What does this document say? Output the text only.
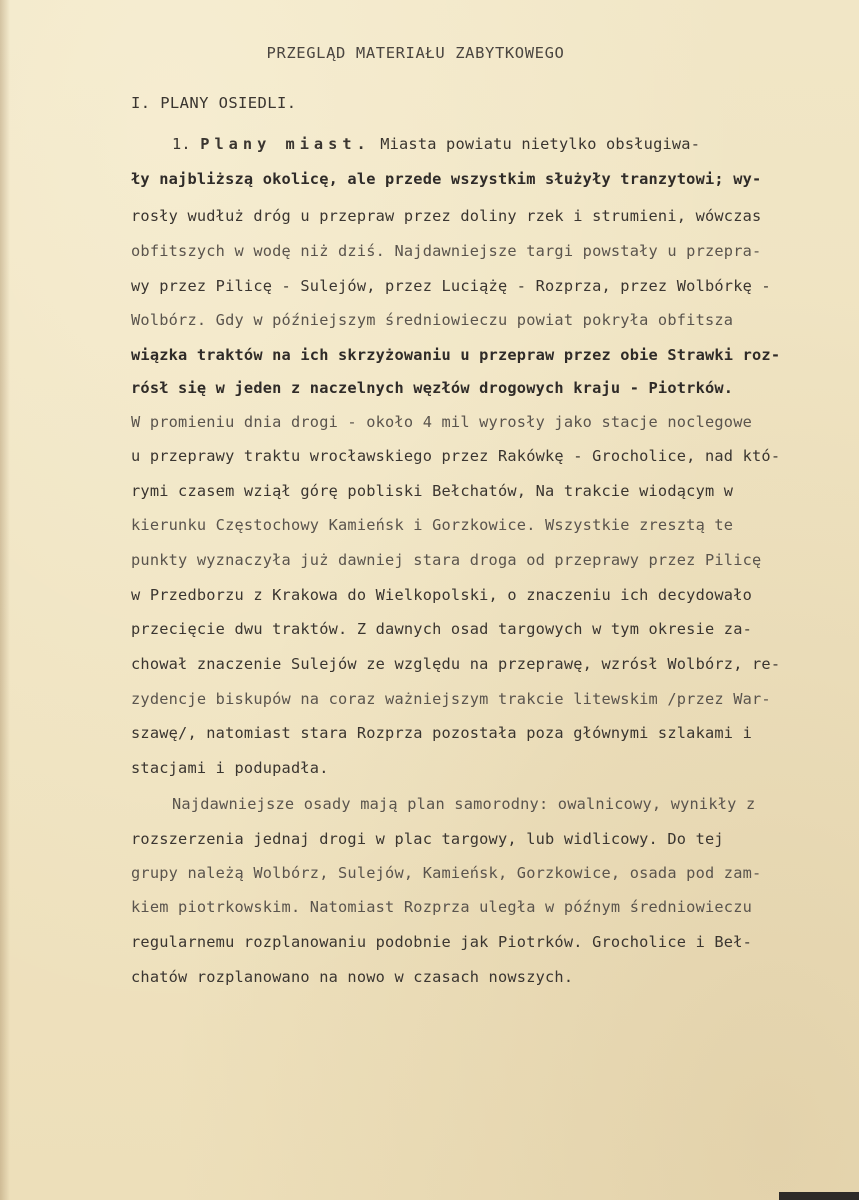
PRZEGLĄD MATERIAŁU ZABYTKOWEGO
I. PLANY OSIEDLI.
1. Plany miast. Miasta powiatu nietylko obsługiwa-
ły najbliższą okolicę, ale przede wszystkim służyły tranzytowi; wy-
rosły wudłuż dróg u przepraw przez doliny rzek i strumieni, wówczas
obfitszych w wodę niż dziś. Najdawniejsze targi powstały u przepra-
wy przez Pilicę - Sulejów, przez Luciążę - Rozprza, przez Wolbórkę -
Wolbórz. Gdy w późniejszym średniowieczu powiat pokryła obfitsza
wiązka traktów na ich skrzyżowaniu u przepraw przez obie Strawki roz-
rósł się w jeden z naczelnych węzłów drogowych kraju - Piotrków.
W promieniu dnia drogi - około 4 mil wyrosły jako stacje noclegowe
u przeprawy traktu wrocławskiego przez Rakówkę - Grocholice, nad któ-
rymi czasem wziął górę pobliski Bełchatów, Na trakcie wiodącym w
kierunku Częstochowy Kamieńsk i Gorzkowice. Wszystkie zresztą te
punkty wyznaczyła już dawniej stara droga od przeprawy przez Pilicę
w Przedborzu z Krakowa do Wielkopolski, o znaczeniu ich decydowało
przecięcie dwu traktów. Z dawnych osad targowych w tym okresie za-
chował znaczenie Sulejów ze względu na przeprawę, wzrósł Wolbórz, re-
zydencje biskupów na coraz ważniejszym trakcie litewskim /przez War-
szawę/, natomiast stara Rozprza pozostała poza głównymi szlakami i
stacjami i podupadła.
Najdawniejsze osady mają plan samorodny: owalnicowy, wynikły z
rozszerzenia jednaj drogi w plac targowy, lub widlicowy. Do tej
grupy należą Wolbórz, Sulejów, Kamieńsk, Gorzkowice, osada pod zam-
kiem piotrkowskim. Natomiast Rozprza uległa w późnym średniowieczu
regularnemu rozplanowaniu podobnie jak Piotrków. Grocholice i Beł-
chatów rozplanowano na nowo w czasach nowszych.
